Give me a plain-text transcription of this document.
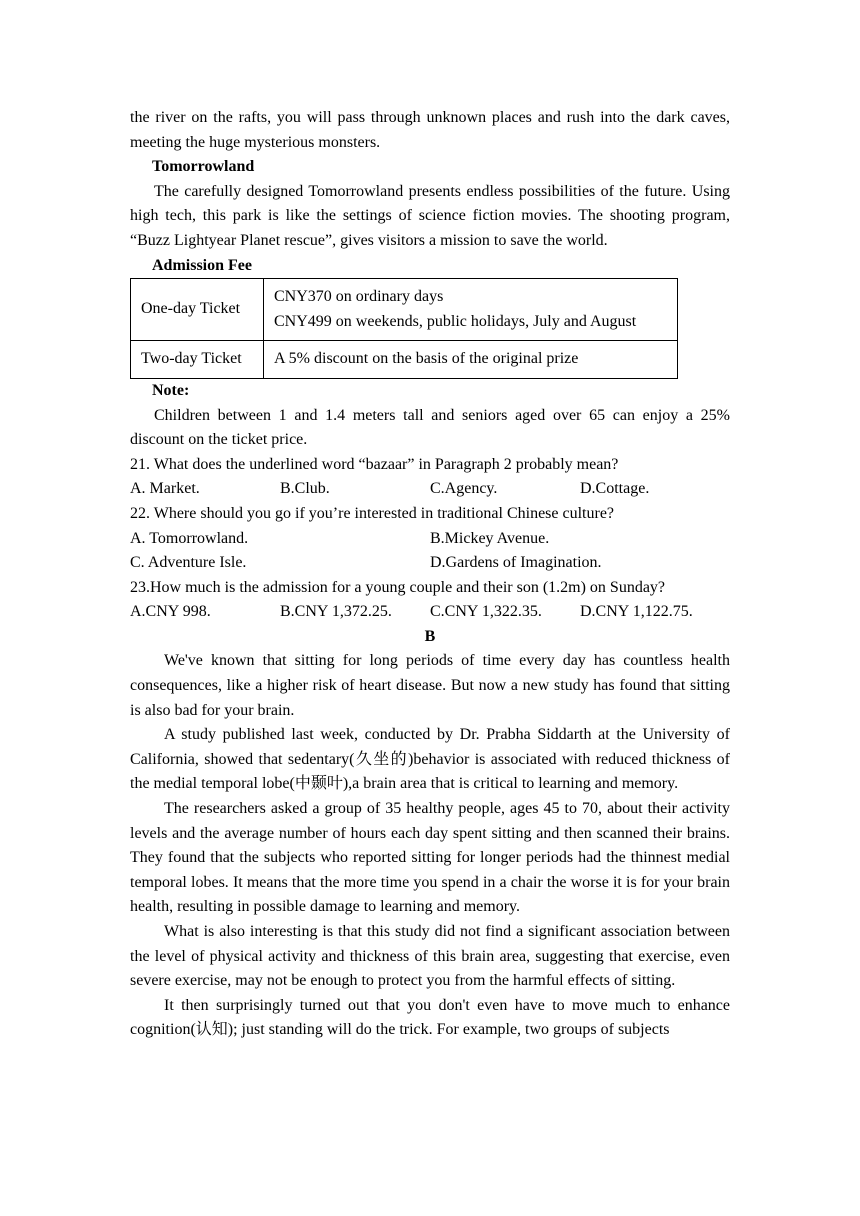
the river on the rafts, you will pass through unknown places and rush into the dark caves, meeting the huge mysterious monsters.
Tomorrowland
The carefully designed Tomorrowland presents endless possibilities of the future. Using high tech, this park is like the settings of science fiction movies. The shooting program, “Buzz Lightyear Planet rescue”, gives visitors a mission to save the world.
Admission Fee
One-day Ticket	CNY370 on ordinary days
CNY499 on weekends, public holidays, July and August

Two-day Ticket	A 5% discount on the basis of the original prize
Note:
Children between 1 and 1.4 meters tall and seniors aged over 65 can enjoy a 25% discount on the ticket price.
21. What does the underlined word “bazaar” in Paragraph 2 probably mean?
A. Market.	B.Club.	C.Agency.	D.Cottage.
22. Where should you go if you’re interested in traditional Chinese culture?
A. Tomorrowland.	B.Mickey Avenue.
C. Adventure Isle.	D.Gardens of Imagination.
23.How much is the admission for a young couple and their son (1.2m) on Sunday?
A.CNY 998.	B.CNY 1,372.25.	C.CNY 1,322.35.	D.CNY 1,122.75.
B
We've known that sitting for long periods of time every day has countless health consequences, like a higher risk of heart disease. But now a new study has found that sitting is also bad for your brain.
A study published last week, conducted by Dr. Prabha Siddarth at the University of California, showed that sedentary(久坐的)behavior is associated with reduced thickness of the medial temporal lobe(中颞叶),a brain area that is critical to learning and memory.
The researchers asked a group of 35 healthy people, ages 45 to 70, about their activity levels and the average number of hours each day spent sitting and then scanned their brains. They found that the subjects who reported sitting for longer periods had the thinnest medial temporal lobes. It means that the more time you spend in a chair the worse it is for your brain health, resulting in possible damage to learning and memory.
What is also interesting is that this study did not find a significant association between the level of physical activity and thickness of this brain area, suggesting that exercise, even severe exercise, may not be enough to protect you from the harmful effects of sitting.
It then surprisingly turned out that you don't even have to move much to enhance cognition(认知); just standing will do the trick. For example, two groups of subjects
